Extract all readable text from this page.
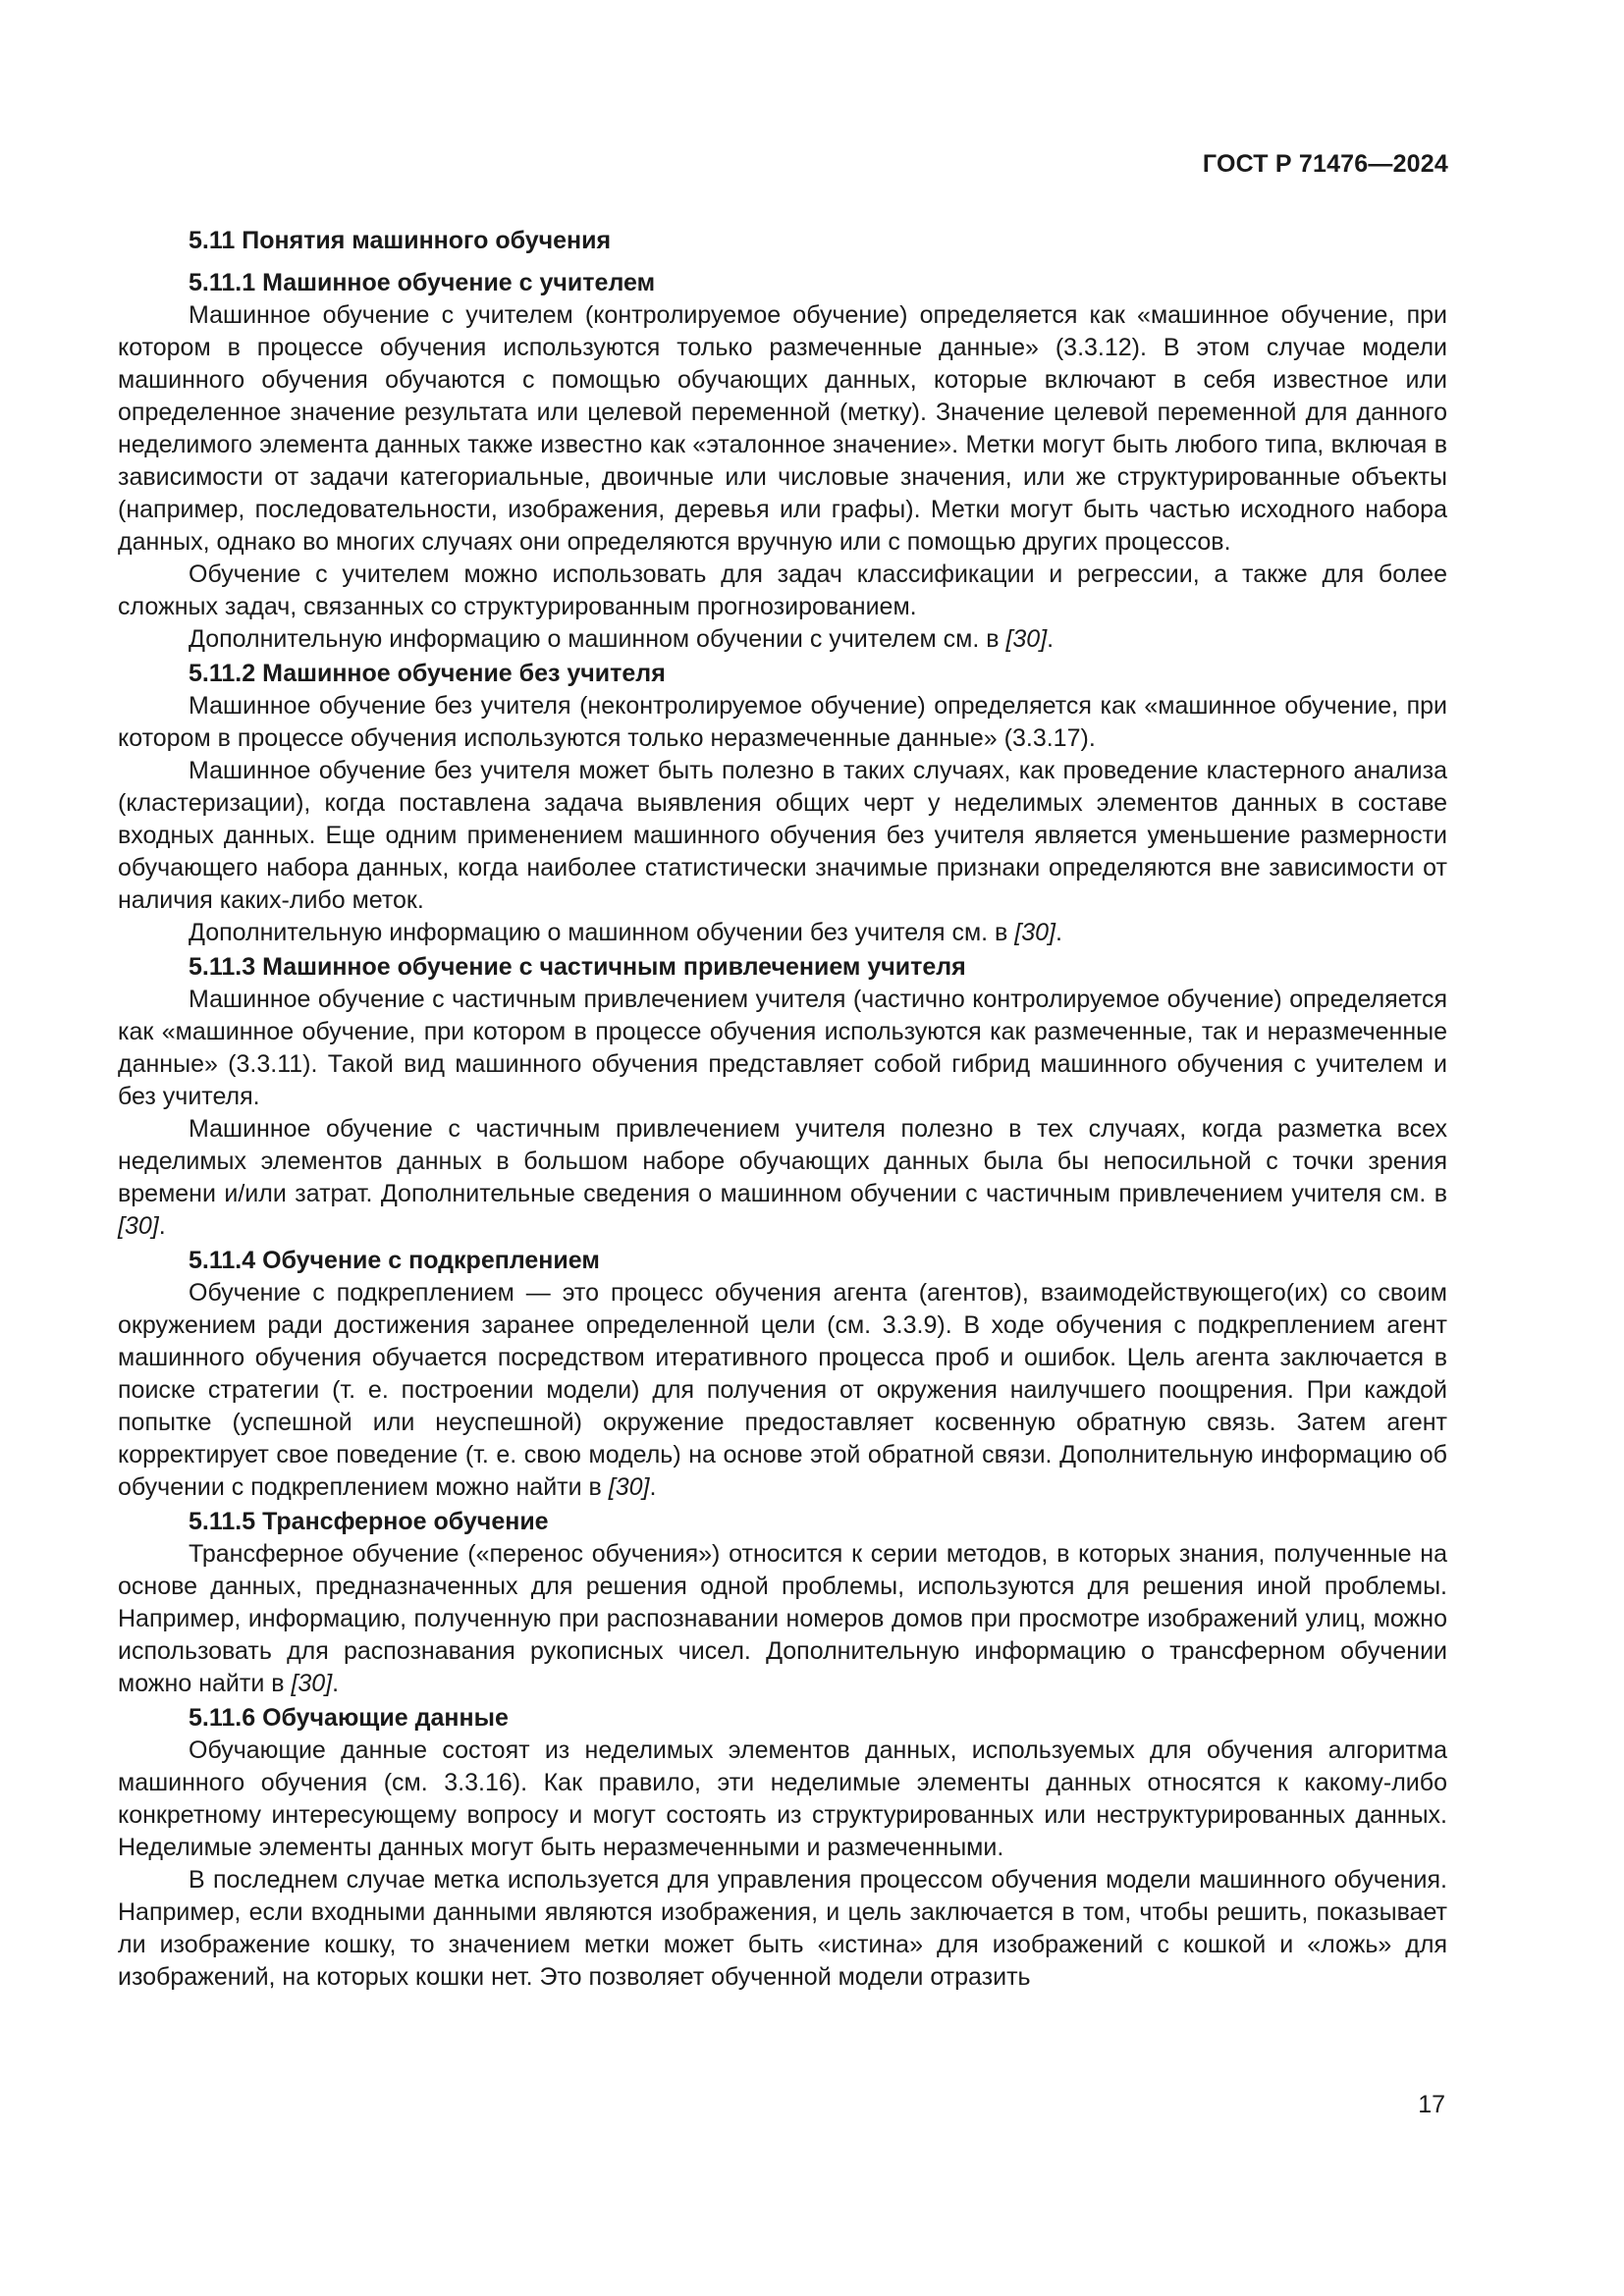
ГОСТ Р 71476—2024
5.11 Понятия машинного обучения
5.11.1 Машинное обучение с учителем

Машинное обучение с учителем (контролируемое обучение) определяется как «машинное обучение, при котором в процессе обучения используются только размеченные данные» (3.3.12). В этом случае модели машинного обучения обучаются с помощью обучающих данных, которые включают в себя известное или определенное значение результата или целевой переменной (метку). Значение целевой переменной для данного неделимого элемента данных также известно как «эталонное значение». Метки могут быть любого типа, включая в зависимости от задачи категориальные, двоичные или числовые значения, или же структурированные объекты (например, последовательности, изображения, деревья или графы). Метки могут быть частью исходного набора данных, однако во многих случаях они определяются вручную или с помощью других процессов.

Обучение с учителем можно использовать для задач классификации и регрессии, а также для более сложных задач, связанных со структурированным прогнозированием.

Дополнительную информацию о машинном обучении с учителем см. в [30].

5.11.2 Машинное обучение без учителя

Машинное обучение без учителя (неконтролируемое обучение) определяется как «машинное обучение, при котором в процессе обучения используются только неразмеченные данные» (3.3.17).

Машинное обучение без учителя может быть полезно в таких случаях, как проведение кластерного анализа (кластеризации), когда поставлена задача выявления общих черт у неделимых элементов данных в составе входных данных. Еще одним применением машинного обучения без учителя является уменьшение размерности обучающего набора данных, когда наиболее статистически значимые признаки определяются вне зависимости от наличия каких-либо меток.

Дополнительную информацию о машинном обучении без учителя см. в [30].

5.11.3 Машинное обучение с частичным привлечением учителя

Машинное обучение с частичным привлечением учителя (частично контролируемое обучение) определяется как «машинное обучение, при котором в процессе обучения используются как размеченные, так и неразмеченные данные» (3.3.11). Такой вид машинного обучения представляет собой гибрид машинного обучения с учителем и без учителя.

Машинное обучение с частичным привлечением учителя полезно в тех случаях, когда разметка всех неделимых элементов данных в большом наборе обучающих данных была бы непосильной с точки зрения времени и/или затрат. Дополнительные сведения о машинном обучении с частичным привлечением учителя см. в [30].

5.11.4 Обучение с подкреплением

Обучение с подкреплением — это процесс обучения агента (агентов), взаимодействующего(их) со своим окружением ради достижения заранее определенной цели (см. 3.3.9). В ходе обучения с подкреплением агент машинного обучения обучается посредством итеративного процесса проб и ошибок. Цель агента заключается в поиске стратегии (т. е. построении модели) для получения от окружения наилучшего поощрения. При каждой попытке (успешной или неуспешной) окружение предоставляет косвенную обратную связь. Затем агент корректирует свое поведение (т. е. свою модель) на основе этой обратной связи. Дополнительную информацию об обучении с подкреплением можно найти в [30].

5.11.5 Трансферное обучение

Трансферное обучение («перенос обучения») относится к серии методов, в которых знания, полученные на основе данных, предназначенных для решения одной проблемы, используются для решения иной проблемы. Например, информацию, полученную при распознавании номеров домов при просмотре изображений улиц, можно использовать для распознавания рукописных чисел. Дополнительную информацию о трансферном обучении можно найти в [30].

5.11.6 Обучающие данные

Обучающие данные состоят из неделимых элементов данных, используемых для обучения алгоритма машинного обучения (см. 3.3.16). Как правило, эти неделимые элементы данных относятся к какому-либо конкретному интересующему вопросу и могут состоять из структурированных или неструктурированных данных. Неделимые элементы данных могут быть неразмеченными и размеченными.

В последнем случае метка используется для управления процессом обучения модели машинного обучения. Например, если входными данными являются изображения, и цель заключается в том, чтобы решить, показывает ли изображение кошку, то значением метки может быть «истина» для изображений с кошкой и «ложь» для изображений, на которых кошки нет. Это позволяет обученной модели отразить

17
